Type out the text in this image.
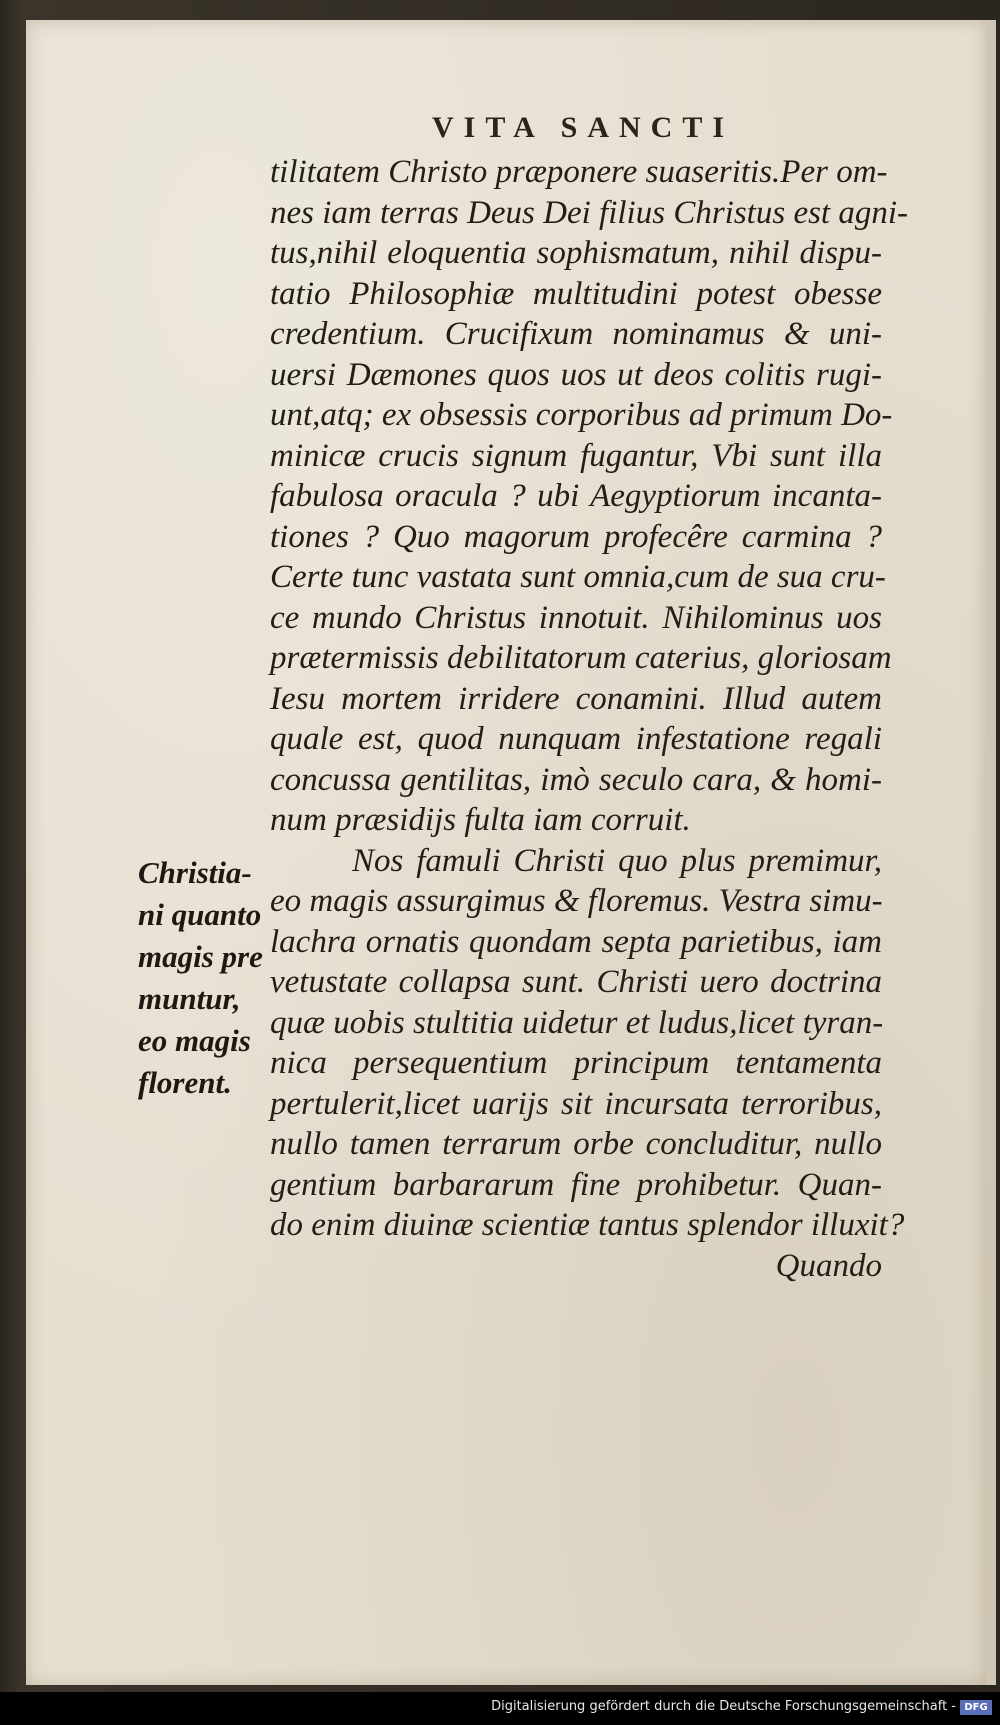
VITA SANCTI
tilitatem Christo præponere suaseritis.Per om-
nes iam terras Deus Dei filius Christus est agni-
tus,nihil eloquentia sophismatum, nihil dispu-
tatio Philosophiæ multitudini potest obesse
credentium. Crucifixum nominamus & uni-
uersi Dæmones quos uos ut deos colitis rugi-
unt,atq; ex obsessis corporibus ad primum Do-
minicæ crucis signum fugantur, Vbi sunt illa
fabulosa oracula ? ubi Aegyptiorum incanta-
tiones ? Quo magorum profecêre carmina ?
Certe tunc vastata sunt omnia,cum de sua cru-
ce mundo Christus innotuit. Nihilominus uos
prætermissis debilitatorum caterius, gloriosam
Iesu mortem irridere conamini. Illud autem
quale est, quod nunquam infestatione regali
concussa gentilitas, imò seculo cara, & homi-
num præsidijs fulta iam corruit.
Nos famuli Christi quo plus premimur,
eo magis assurgimus & floremus. Vestra simu-
lachra ornatis quondam septa parietibus, iam
vetustate collapsa sunt. Christi uero doctrina
quæ uobis stultitia uidetur et ludus,licet tyran-
nica persequentium principum tentamenta
pertulerit,licet uarijs sit incursata terroribus,
nullo tamen terrarum orbe concluditur, nullo
gentium barbararum fine prohibetur. Quan-
do enim diuinæ scientiæ tantus splendor illuxit?
Quando
Christia-
ni quanto
magis pre
muntur,
eo magis
florent.
Digitalisierung gefördert durch die Deutsche Forschungsgemeinschaft - DFG
